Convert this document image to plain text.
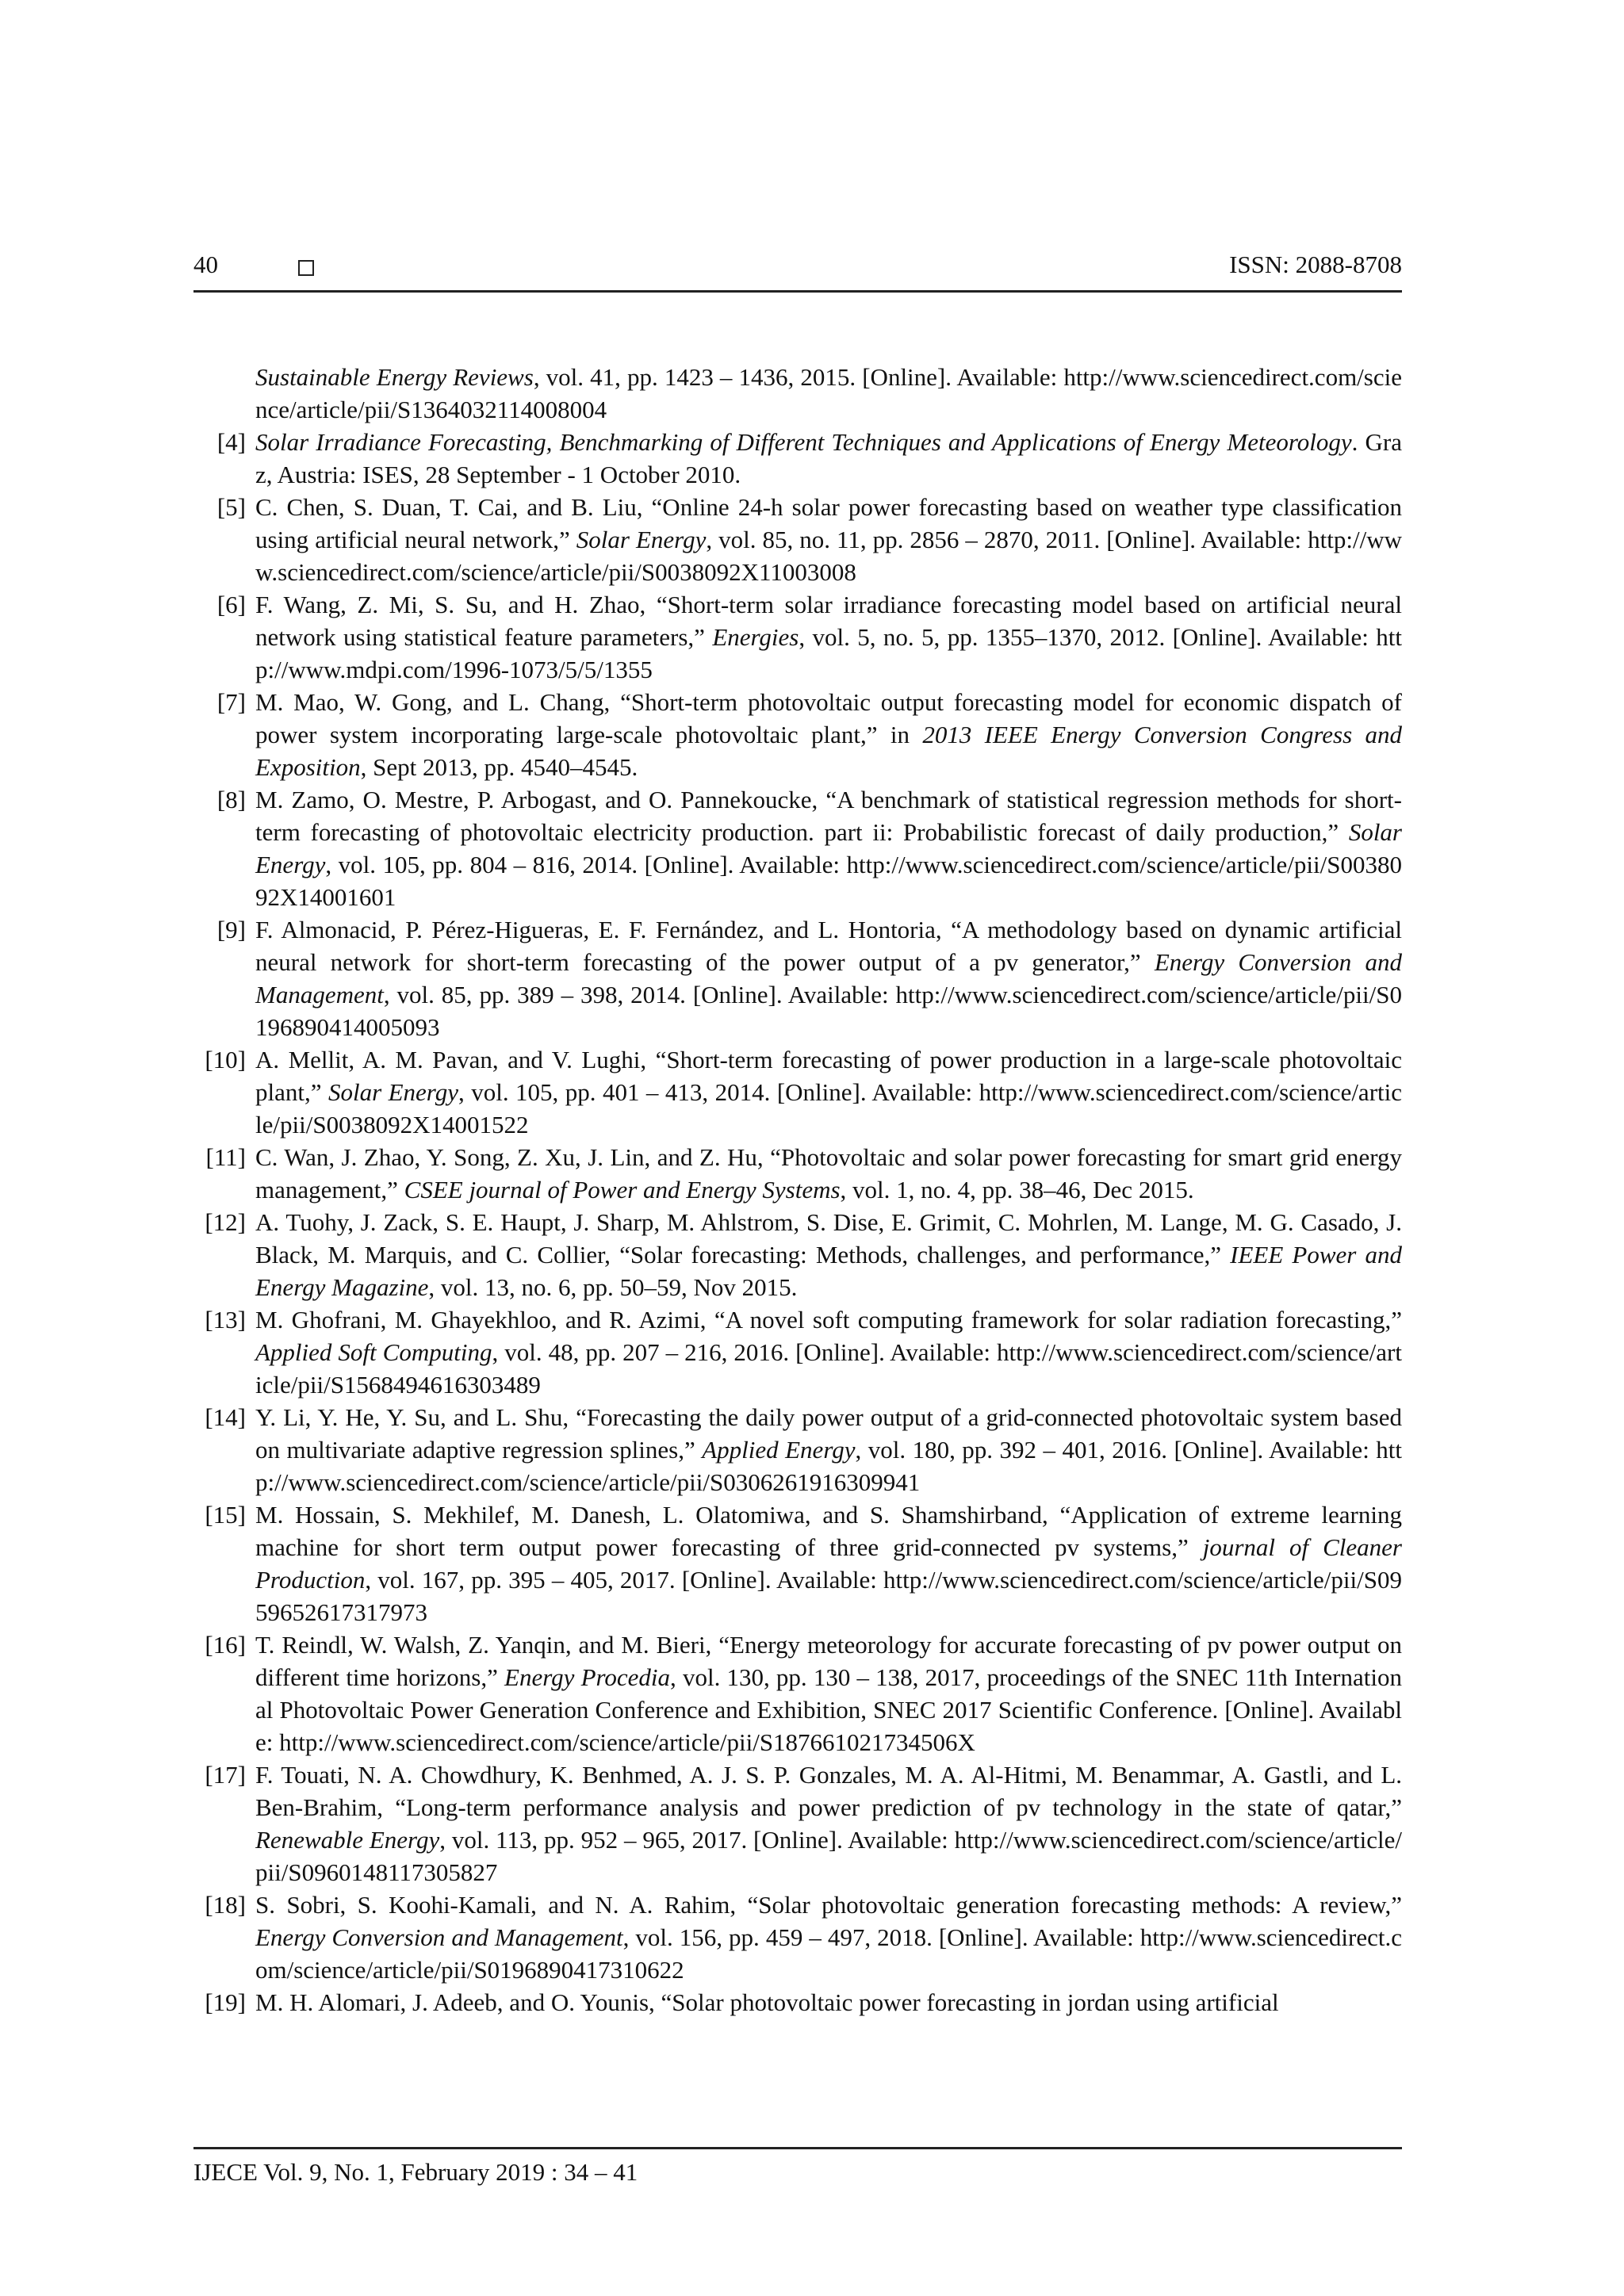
40	ISSN: 2088-8708
Sustainable Energy Reviews, vol. 41, pp. 1423 – 1436, 2015. [Online]. Available: http://www.sciencedirect.com/science/article/pii/S1364032114008004
[4] Solar Irradiance Forecasting, Benchmarking of Different Techniques and Applications of Energy Meteorology. Graz, Austria: ISES, 28 September - 1 October 2010.
[5] C. Chen, S. Duan, T. Cai, and B. Liu, “Online 24-h solar power forecasting based on weather type classification using artificial neural network,” Solar Energy, vol. 85, no. 11, pp. 2856 – 2870, 2011. [Online]. Available: http://www.sciencedirect.com/science/article/pii/S0038092X11003008
[6] F. Wang, Z. Mi, S. Su, and H. Zhao, “Short-term solar irradiance forecasting model based on artificial neural network using statistical feature parameters,” Energies, vol. 5, no. 5, pp. 1355–1370, 2012. [Online]. Available: http://www.mdpi.com/1996-1073/5/5/1355
[7] M. Mao, W. Gong, and L. Chang, “Short-term photovoltaic output forecasting model for economic dispatch of power system incorporating large-scale photovoltaic plant,” in 2013 IEEE Energy Conversion Congress and Exposition, Sept 2013, pp. 4540–4545.
[8] M. Zamo, O. Mestre, P. Arbogast, and O. Pannekoucke, “A benchmark of statistical regression methods for short-term forecasting of photovoltaic electricity production. part ii: Probabilistic forecast of daily production,” Solar Energy, vol. 105, pp. 804 – 816, 2014. [Online]. Available: http://www.sciencedirect.com/science/article/pii/S0038092X14001601
[9] F. Almonacid, P. Pérez-Higueras, E. F. Fernández, and L. Hontoria, “A methodology based on dynamic artificial neural network for short-term forecasting of the power output of a pv generator,” Energy Conversion and Management, vol. 85, pp. 389 – 398, 2014. [Online]. Available: http://www.sciencedirect.com/science/article/pii/S0196890414005093
[10] A. Mellit, A. M. Pavan, and V. Lughi, “Short-term forecasting of power production in a large-scale photovoltaic plant,” Solar Energy, vol. 105, pp. 401 – 413, 2014. [Online]. Available: http://www.sciencedirect.com/science/article/pii/S0038092X14001522
[11] C. Wan, J. Zhao, Y. Song, Z. Xu, J. Lin, and Z. Hu, “Photovoltaic and solar power forecasting for smart grid energy management,” CSEE journal of Power and Energy Systems, vol. 1, no. 4, pp. 38–46, Dec 2015.
[12] A. Tuohy, J. Zack, S. E. Haupt, J. Sharp, M. Ahlstrom, S. Dise, E. Grimit, C. Mohrlen, M. Lange, M. G. Casado, J. Black, M. Marquis, and C. Collier, “Solar forecasting: Methods, challenges, and performance,” IEEE Power and Energy Magazine, vol. 13, no. 6, pp. 50–59, Nov 2015.
[13] M. Ghofrani, M. Ghayekhloo, and R. Azimi, “A novel soft computing framework for solar radiation forecasting,” Applied Soft Computing, vol. 48, pp. 207 – 216, 2016. [Online]. Available: http://www.sciencedirect.com/science/article/pii/S1568494616303489
[14] Y. Li, Y. He, Y. Su, and L. Shu, “Forecasting the daily power output of a grid-connected photovoltaic system based on multivariate adaptive regression splines,” Applied Energy, vol. 180, pp. 392 – 401, 2016. [Online]. Available: http://www.sciencedirect.com/science/article/pii/S0306261916309941
[15] M. Hossain, S. Mekhilef, M. Danesh, L. Olatomiwa, and S. Shamshirband, “Application of extreme learning machine for short term output power forecasting of three grid-connected pv systems,” journal of Cleaner Production, vol. 167, pp. 395 – 405, 2017. [Online]. Available: http://www.sciencedirect.com/science/article/pii/S0959652617317973
[16] T. Reindl, W. Walsh, Z. Yanqin, and M. Bieri, “Energy meteorology for accurate forecasting of pv power output on different time horizons,” Energy Procedia, vol. 130, pp. 130 – 138, 2017, proceedings of the SNEC 11th International Photovoltaic Power Generation Conference and Exhibition, SNEC 2017 Scientific Conference. [Online]. Available: http://www.sciencedirect.com/science/article/pii/S187661021734506X
[17] F. Touati, N. A. Chowdhury, K. Benhmed, A. J. S. P. Gonzales, M. A. Al-Hitmi, M. Benammar, A. Gastli, and L. Ben-Brahim, “Long-term performance analysis and power prediction of pv technology in the state of qatar,” Renewable Energy, vol. 113, pp. 952 – 965, 2017. [Online]. Available: http://www.sciencedirect.com/science/article/pii/S0960148117305827
[18] S. Sobri, S. Koohi-Kamali, and N. A. Rahim, “Solar photovoltaic generation forecasting methods: A review,” Energy Conversion and Management, vol. 156, pp. 459 – 497, 2018. [Online]. Available: http://www.sciencedirect.com/science/article/pii/S0196890417310622
[19] M. H. Alomari, J. Adeeb, and O. Younis, “Solar photovoltaic power forecasting in jordan using artificial
IJECE Vol. 9, No. 1, February 2019 : 34 – 41
